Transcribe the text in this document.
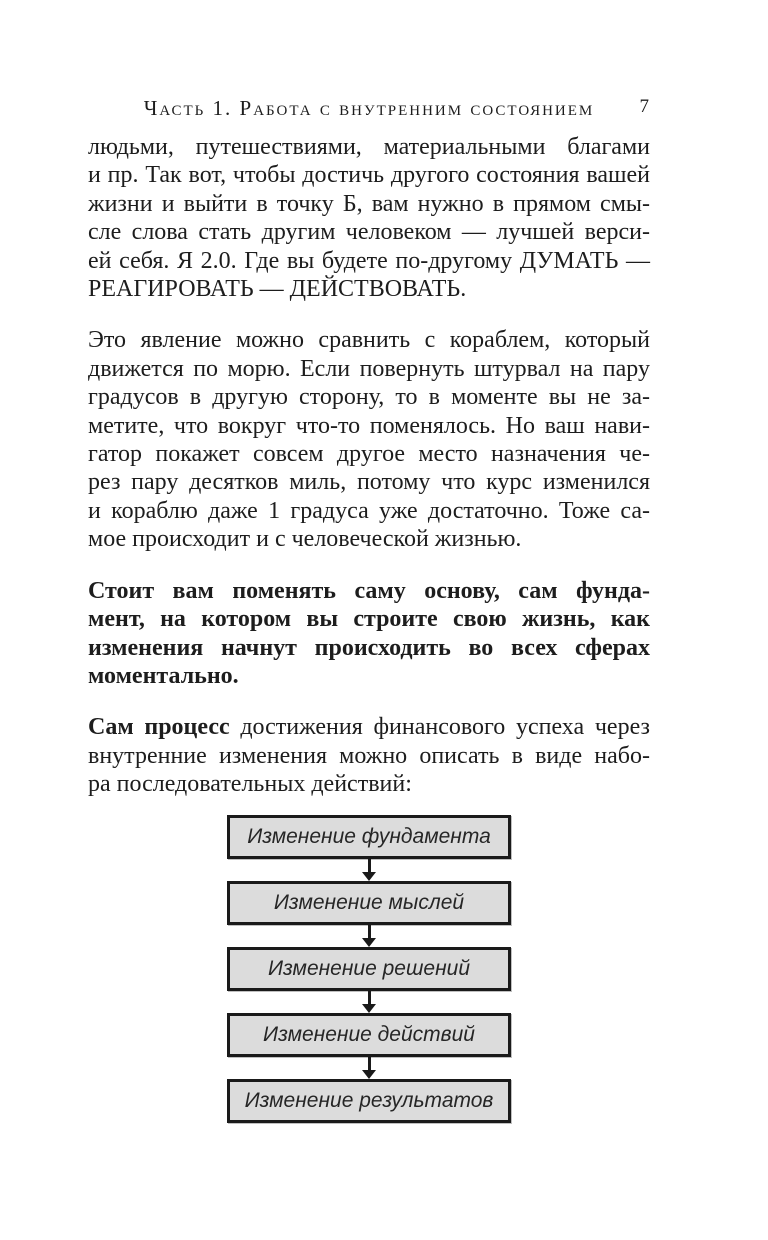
Часть 1. Работа с внутренним состоянием	7
людьми, путешествиями, материальными благами
и пр. Так вот, чтобы достичь другого состояния вашей
жизни и выйти в точку Б, вам нужно в прямом смы-
сле слова стать другим человеком — лучшей верси-
ей себя. Я 2.0. Где вы будете по-другому ДУМАТЬ —
РЕАГИРОВАТЬ — ДЕЙСТВОВАТЬ.
Это явление можно сравнить с кораблем, который
движется по морю. Если повернуть штурвал на пару
градусов в другую сторону, то в моменте вы не за-
метите, что вокруг что-то поменялось. Но ваш нави-
гатор покажет совсем другое место назначения че-
рез пару десятков миль, потому что курс изменился
и кораблю даже 1 градуса уже достаточно. Тоже са-
мое происходит и с человеческой жизнью.
Стоит вам поменять саму основу, сам фунда-
мент, на котором вы строите свою жизнь, как
изменения начнут происходить во всех сферах
моментально.
Сам процесс достижения финансового успеха через
внутренние изменения можно описать в виде набо-
ра последовательных действий:
Изменение фундамента
Изменение мыслей
Изменение решений
Изменение действий
Изменение результатов
